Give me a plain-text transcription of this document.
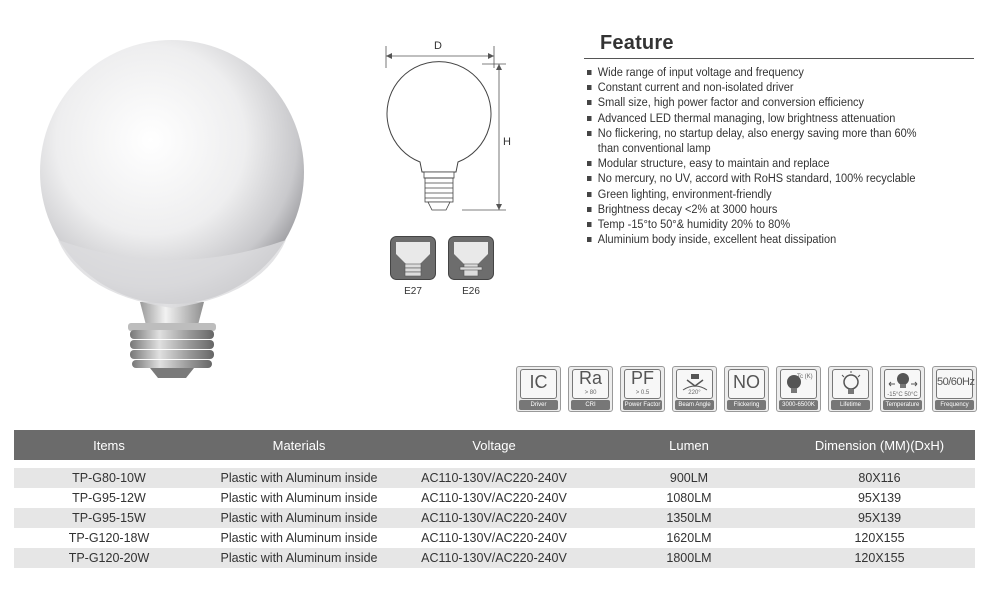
D
H
E27	E26
Feature
Wide range of input voltage and frequency
Constant current and non-isolated driver
Small size, high power factor and conversion efficiency
Advanced LED thermal managing, low brightness attenuation
No flickering, no startup delay, also energy saving more than 60%
than conventional lamp
Modular structure, easy to maintain and replace
No mercury, no UV, accord with RoHS standard, 100% recyclable
Green lighting, environment-friendly
Brightness decay <2% at 3000 hours
Temp -15°to 50°& humidity 20% to 80%
Aluminium body inside, excellent heat dissipation
IC
Driver
Ra
> 80
CRI
PF
> 0.5
Power Factor
220°
Beam Angle
NO
Flickering
Tc (K)
3000-6500K	Lifetime
-15°C 50°C
Temperature
50/60Hz
Frequency
Items	Materials	Voltage	Lumen	Dimension (MM)(DxH)

TP-G80-10W	Plastic with Aluminum inside	AC110-130V/AC220-240V	900LM	80X116
TP-G95-12W	Plastic with Aluminum inside	AC110-130V/AC220-240V	1080LM	95X139
TP-G95-15W	Plastic with Aluminum inside	AC110-130V/AC220-240V	1350LM	95X139
TP-G120-18W	Plastic with Aluminum inside	AC110-130V/AC220-240V	1620LM	120X155
TP-G120-20W	Plastic with Aluminum inside	AC110-130V/AC220-240V	1800LM	120X155
